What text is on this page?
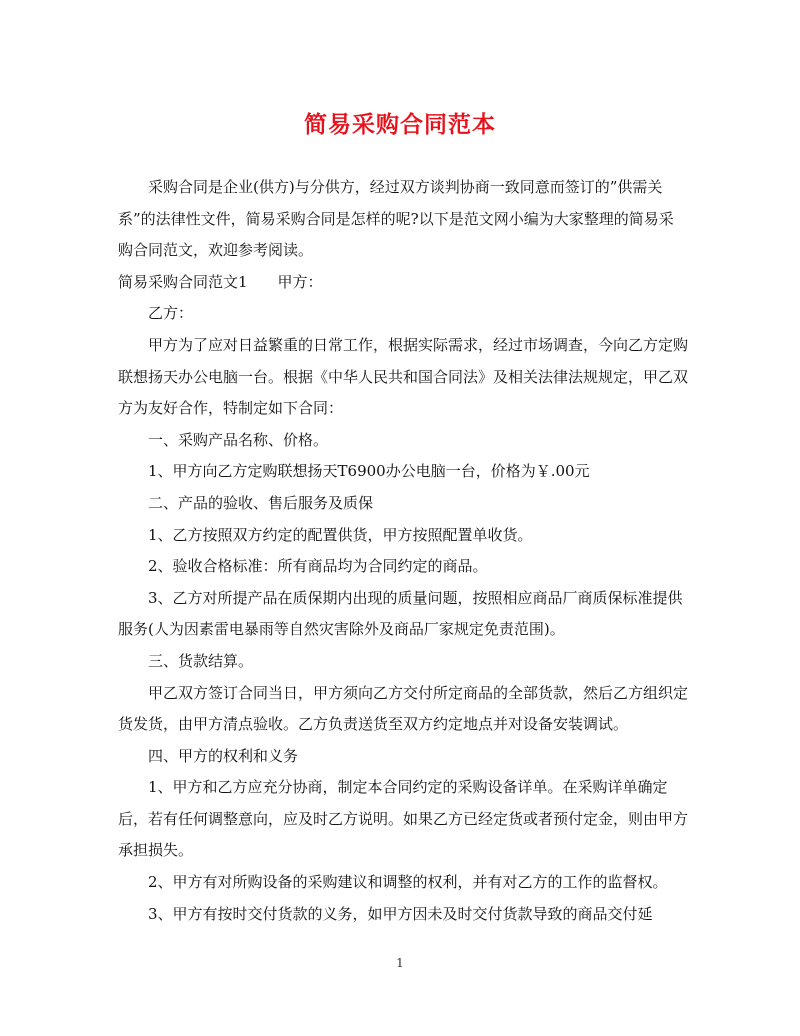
简易采购合同范本

采购合同是企业(供方)与分供方，经过双方谈判协商一致同意而签订的”供需关系”的法律性文件，简易采购合同是怎样的呢?以下是范文网小编为大家整理的简易采购合同范文，欢迎参考阅读。

简易采购合同范文1 甲方：

乙方：

甲方为了应对日益繁重的日常工作，根据实际需求，经过市场调查，今向乙方定购联想扬天办公电脑一台。根据《中华人民共和国合同法》及相关法律法规规定，甲乙双方为友好合作，特制定如下合同：

一、采购产品名称、价格。

1、甲方向乙方定购联想扬天T6900办公电脑一台，价格为￥.00元

二、产品的验收、售后服务及质保

1、乙方按照双方约定的配置供货，甲方按照配置单收货。

2、验收合格标准：所有商品均为合同约定的商品。

3、乙方对所提产品在质保期内出现的质量问题，按照相应商品厂商质保标准提供服务(人为因素雷电暴雨等自然灾害除外及商品厂家规定免责范围)。

三、货款结算。

甲乙双方签订合同当日，甲方须向乙方交付所定商品的全部货款，然后乙方组织定货发货，由甲方清点验收。乙方负责送货至双方约定地点并对设备安装调试。

四、甲方的权利和义务

1、甲方和乙方应充分协商，制定本合同约定的采购设备详单。在采购详单确定后，若有任何调整意向，应及时乙方说明。如果乙方已经定货或者预付定金，则由甲方承担损失。

2、甲方有对所购设备的采购建议和调整的权利，并有对乙方的工作的监督权。

3、甲方有按时交付货款的义务，如甲方因未及时交付货款导致的商品交付延

1
